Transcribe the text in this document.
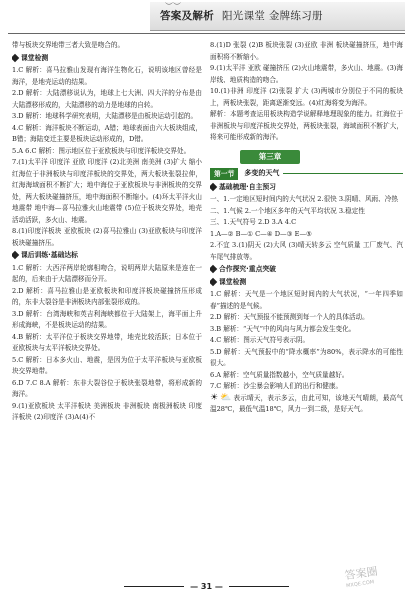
︶︶
答案及解析 阳光课堂 金牌练习册

带与板块交界地带三者大致是吻合的。

课堂检测

1.C 解析：喜马拉雅山发现有海洋生物化石，说明该地区曾经是海洋，是地壳运动的结果。

2.D 解析：大陆漂移说认为，地球上七大洲、四大洋的分布是由大陆漂移形成的，大陆漂移的动力是地球的自转。

3.D 解析：地球科学研究表明，大陆漂移是由板块运动引起的。

4.C 解析：海洋板块不断运动，A错；地球表面由六大板块组成，B错；海陆变迁主要是板块运动形成的，D错。

5.A 6.C 解析：图示地区位于亚欧板块与印度洋板块交界处。

7.(1)太平洋 印度洋 亚欧 印度洋 (2)北美洲 南美洲 (3)扩大 缩小 红海位于非洲板块与印度洋板块的交界处，两大板块张裂拉伸，红海海域面积不断扩大；地中海位于亚欧板块与非洲板块的交界处，两大板块碰撞挤压，地中海面积不断缩小。(4)环太平洋火山地震带 地中海—喜马拉雅火山地震带 (5)位于板块交界处，地壳活动活跃，多火山、地震。

8.(1)印度洋板块 亚欧板块 (2)喜马拉雅山 (3)亚欧板块与印度洋板块碰撞挤压。

课后训练·基础达标

1.C 解析：大西洋两岸轮廓相吻合，说明两岸大陆原来是连在一起的，后来由于大陆漂移而分开。

2.D 解析：喜马拉雅山是亚欧板块和印度洋板块碰撞挤压形成的，东非大裂谷是非洲板块内部张裂形成的。

3.D 解析：台湾海峡和英吉利海峡都位于大陆架上，海平面上升形成海峡，不是板块运动的结果。

4.B 解析：太平洋位于板块交界地带，地壳比较活跃；日本位于亚欧板块与太平洋板块交界处。

5.C 解析：日本多火山、地震，是因为位于太平洋板块与亚欧板块交界地带。

6.D 7.C 8.A 解析：东非大裂谷位于板块张裂地带，将形成新的海洋。

9.(1)亚欧板块 太平洋板块 美洲板块 非洲板块 南极洲板块 印度洋板块 (2)印度洋 (3)A(4)不

8.(1)D 张裂 (2)B 板块张裂 (3)亚欧 非洲 板块碰撞挤压，地中海面积将不断缩小。

9.(1)太平洋 亚欧 碰撞挤压 (2)火山地震带，多火山、地震。(3)海岸线、地质构造的吻合。

10.(1)非洲 印度洋 (2)张裂 扩大 (3)两城市分别位于不同的板块上，两板块张裂，距离逐渐变远。(4)红海将变为海洋。

解析：本题考查运用板块构造学说解释地理现象的能力。红海位于非洲板块与印度洋板块交界处，两板块张裂，海域面积不断扩大，将来可能形成新的海洋。

第三章
第一节	多变的天气
基础梳理·自主预习

一、1.一定地区短时间内的大气状况 2.很快 3.阴晴、风雨、冷热

二、1.气候 2.一个地区多年的天气平均状况 3.稳定性

三、1.天气符号 2.D 3.A 4.C

1.A—② B—① C—④ D—③ E—⑤

2.不宜 3.(1)阴天 (2)大风 (3)晴天转多云 空气质量 工厂废气、汽车尾气排放等。

合作探究·重点突破
课堂检测

1.C 解析：天气是一个地区短时间内的大气状况，“一年四季如春”描述的是气候。

2.D 解析：天气预报不能预测到每一个人的具体活动。

3.B 解析：“天气”中的风向与风力都会发生变化。

4.C 解析：图示天气符号表示阴。

5.D 解析：天气预报中的“降水概率”为80%，表示降水的可能性很大。

6.A 解析：空气质量指数越小，空气质量越好。

7.C 解析：沙尘暴会影响人们的出行和健康。

☀ ⛅ 表示晴天，表示多云，由此可知，该地天气晴朗，最高气温28℃，最低气温18℃，风力一到二级，是好天气。

— 31 —
答案圈
MXQE.COM
